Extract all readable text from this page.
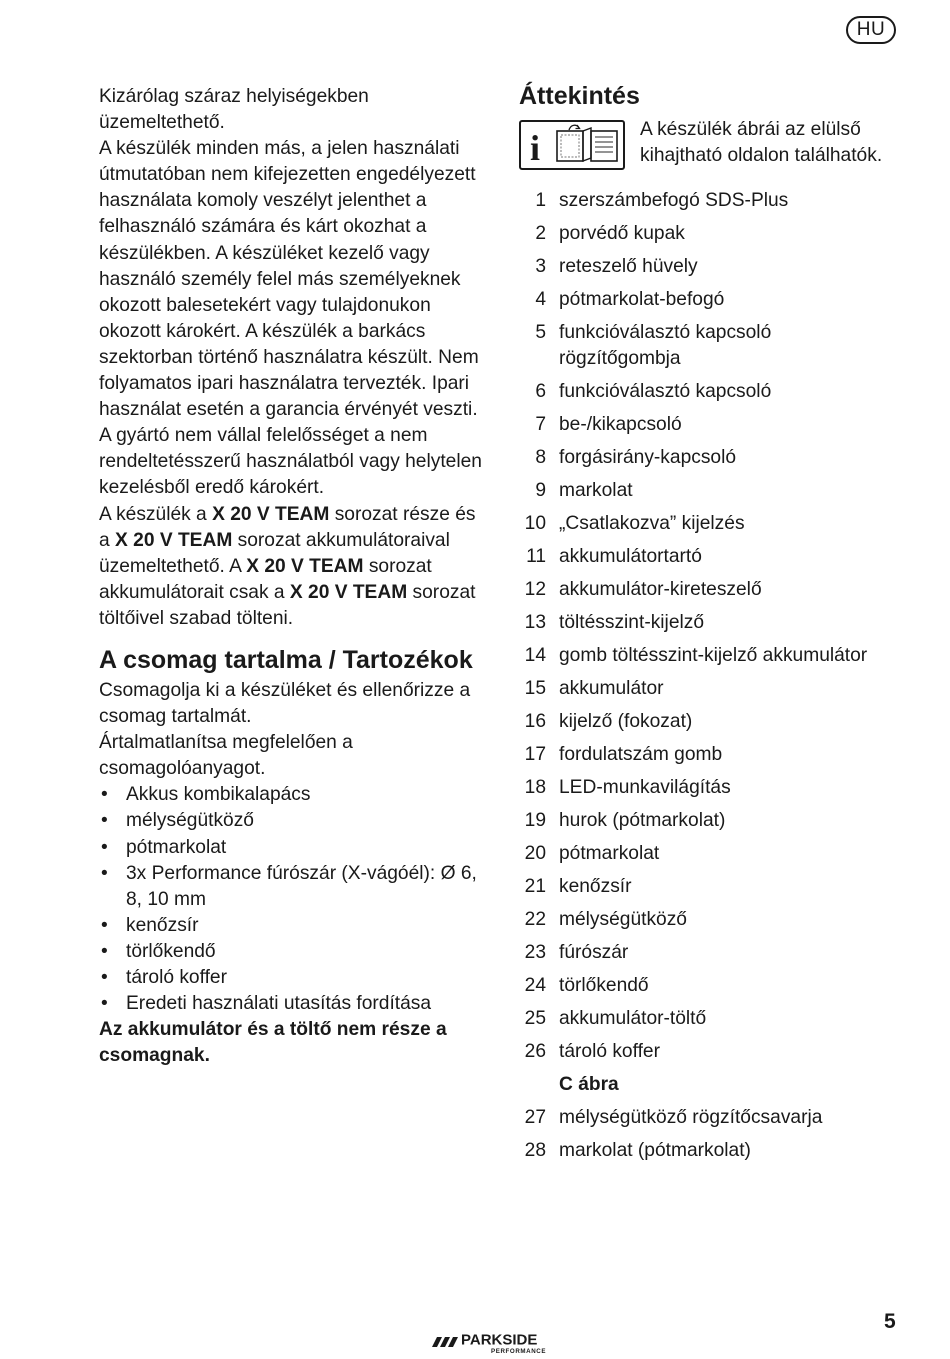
HU

Kizárólag száraz helyiségekben üzemeltethető.

A készülék minden más, a jelen használati útmutatóban nem kifejezetten engedélyezett használata komoly veszélyt jelenthet a felhasználó számára és kárt okozhat a készülékben. A készüléket kezelő vagy használó személy felel más személyeknek okozott balesetekért vagy tulajdonukon okozott károkért. A készülék a barkács szektorban történő használatra készült. Nem folyamatos ipari használatra tervezték. Ipari használat esetén a garancia érvényét veszti. A gyártó nem vállal felelősséget a nem rendeltetésszerű használatból vagy helytelen kezelésből eredő károkért.

A készülék a X 20 V TEAM sorozat része és a X 20 V TEAM sorozat akkumulátoraival üzemeltethető. A X 20 V TEAM sorozat akkumulátorait csak a X 20 V TEAM sorozat töltőivel szabad tölteni.

A csomag tartalma / Tartozékok

Csomagolja ki a készüléket és ellenőrizze a csomag tartalmát.

Ártalmatlanítsa megfelelően a csomagolóanyagot.

• Akkus kombikalapács
• mélységütköző
• pótmarkolat
• 3x Performance fúrószár (X-vágóél): Ø 6, 8, 10 mm
• kenőzsír
• törlőkendő
• tároló koffer
• Eredeti használati utasítás fordítása

Az akkumulátor és a töltő nem része a csomagnak.

Áttekintés
i	A készülék ábrái az elülső kihajtható oldalon találhatók.
1 szerszámbefogó SDS-Plus
2 porvédő kupak
3 reteszelő hüvely
4 pótmarkolat-befogó
5 funkcióválasztó kapcsoló rögzítőgombja
6 funkcióválasztó kapcsoló
7 be-/kikapcsoló
8 forgásirány-kapcsoló
9 markolat
10 „Csatlakozva” kijelzés
11 akkumulátortartó
12 akkumulátor-kireteszelő
13 töltésszint-kijelző
14 gomb töltésszint-kijelző akkumulátor
15 akkumulátor
16 kijelző (fokozat)
17 fordulatszám gomb
18 LED-munkavilágítás
19 hurok (pótmarkolat)
20 pótmarkolat
21 kenőzsír
22 mélységütköző
23 fúrószár
24 törlőkendő
25 akkumulátor-töltő
26 tároló koffer
C ábra
27 mélységütköző rögzítőcsavarja
28 markolat (pótmarkolat)
PARKSIDE
PERFORMANCE
5
